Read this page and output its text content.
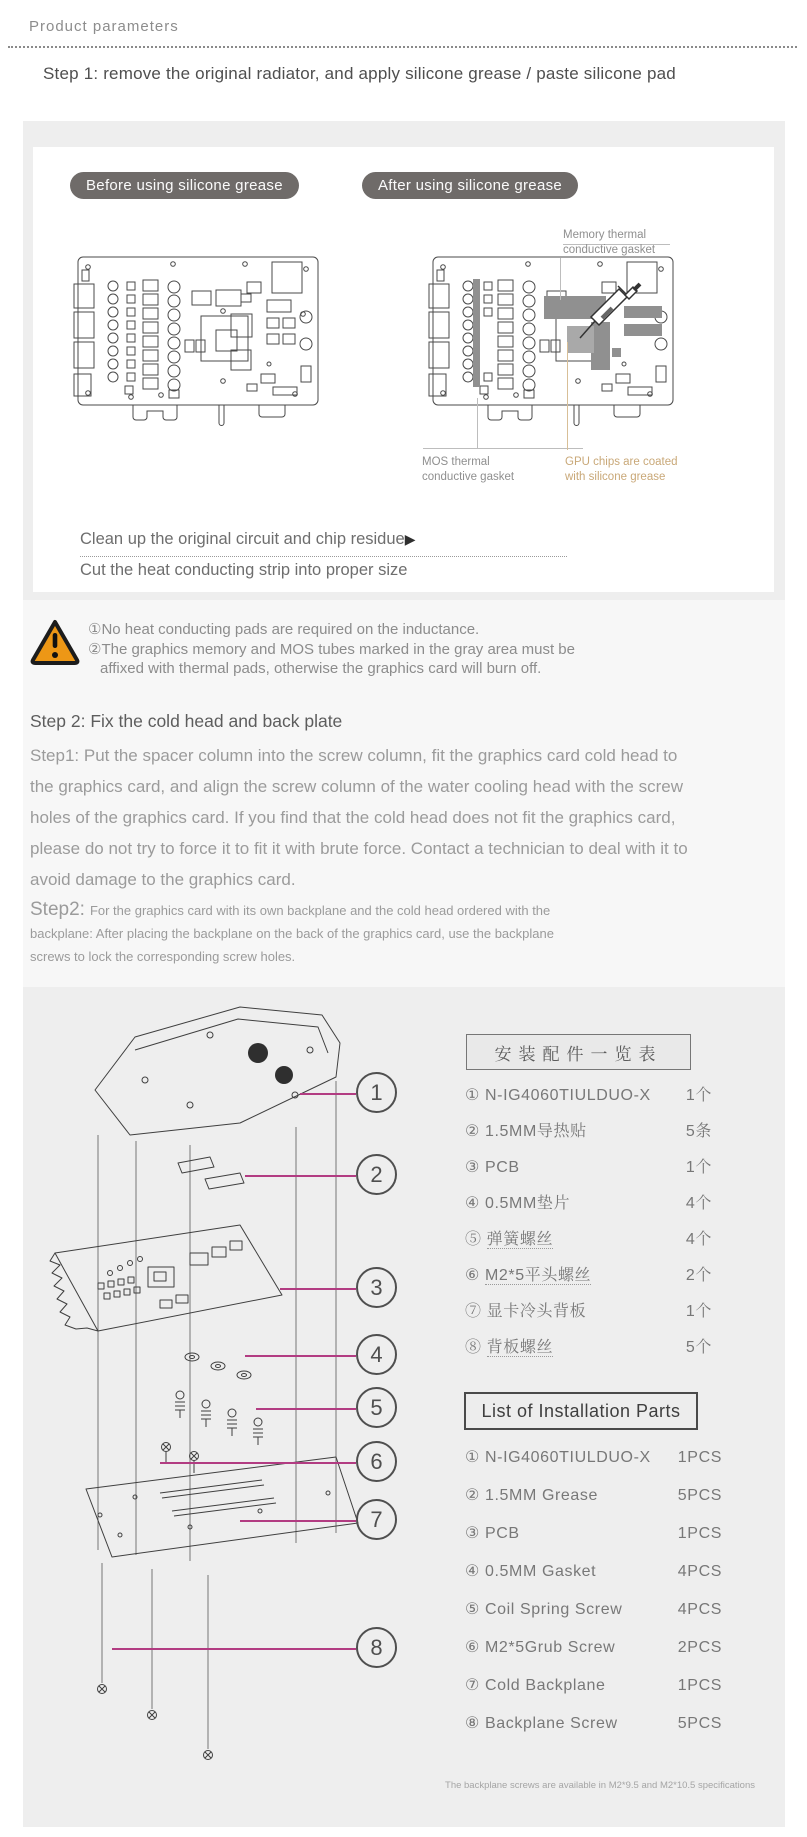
Product parameters
Step 1: remove the original radiator, and apply silicone grease / paste silicone pad
Before using silicone grease	After using silicone grease
Memory thermal
conductive gasket
MOS thermal
conductive gasket
GPU chips are coated
with silicone grease
Clean up the original circuit and chip residue▶
Cut the heat conducting strip into proper size
①No heat conducting pads are required on the inductance.
②The graphics memory and MOS tubes marked in the gray area must be
affixed with thermal pads, otherwise the graphics card will burn off.
Step 2: Fix the cold head and back plate
Step1: Put the spacer column into the screw column, fit the graphics card cold head to the graphics card, and align the screw column of the water cooling head with the screw holes of the graphics card. If you find that the cold head does not fit the graphics card, please do not try to force it to fit it with brute force. Contact a technician to deal with it to avoid damage to the graphics card.
Step2: For the graphics card with its own backplane and the cold head ordered with the backplane: After placing the backplane on the back of the graphics card, use the backplane screws to lock the corresponding screw holes.
1
2
3
4
5
6
7
8
安装配件一览表
① N-IG4060TIULDUO-X 1个
② 1.5MM导热贴	5条
③ PCB	1个
④ 0.5MM垫片	4个
⑤ 弹簧螺丝	4个
⑥ M2*5平头螺丝	2个
⑦ 显卡冷头背板	1个
⑧ 背板螺丝	5个
List of Installation Parts
① N-IG4060TIULDUO-X 1PCS
② 1.5MM Grease	5PCS
③ PCB	1PCS
④ 0.5MM Gasket	4PCS
⑤ Coil Spring Screw	4PCS
⑥ M2*5Grub Screw	2PCS
⑦ Cold Backplane	1PCS
⑧ Backplane Screw	5PCS
The backplane screws are available in M2*9.5 and M2*10.5 specifications
